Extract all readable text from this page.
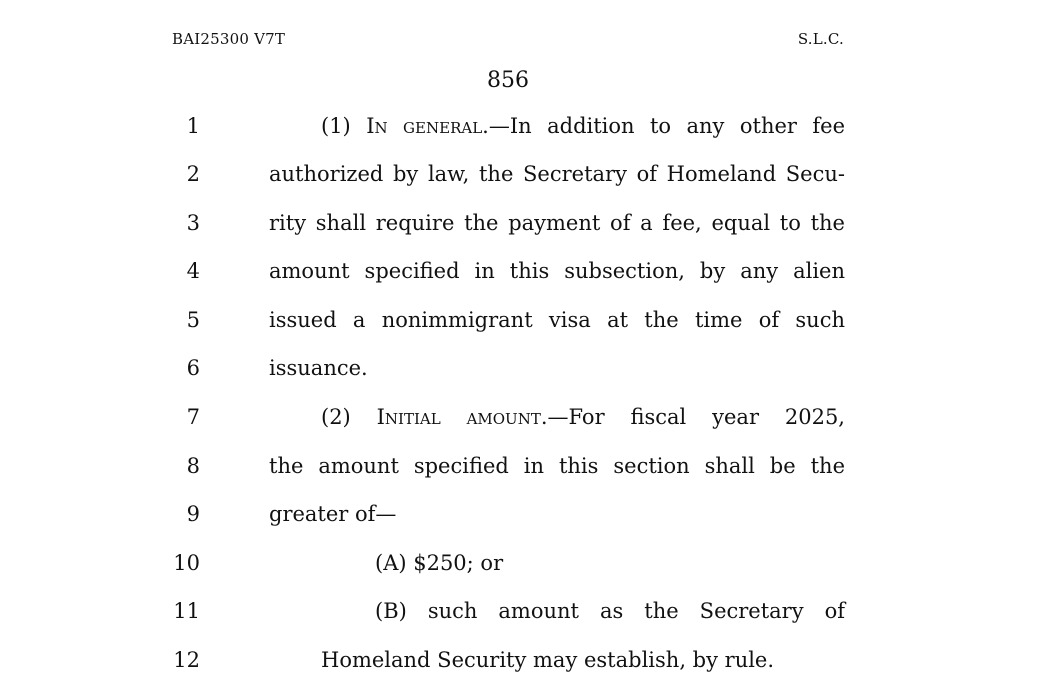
BAI25300 V7T	S.L.C.
856
1	(1) In general.—In addition to any other fee
2	authorized by law, the Secretary of Homeland Secu-
3	rity shall require the payment of a fee, equal to the
4	amount specified in this subsection, by any alien
5	issued a nonimmigrant visa at the time of such
6	issuance.
7	(2) Initial amount.—For fiscal year 2025,
8	the amount specified in this section shall be the
9	greater of—
10	(A) $250; or
11	(B) such amount as the Secretary of
12	Homeland Security may establish, by rule.
